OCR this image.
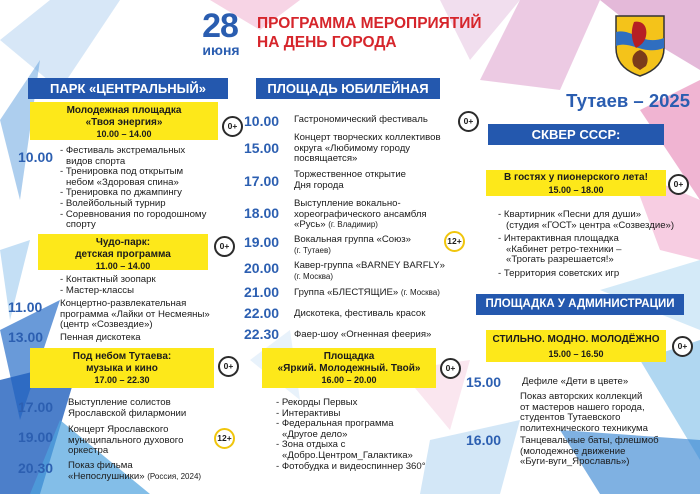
28
июня
ПРОГРАММА МЕРОПРИЯТИЙ
НА ДЕНЬ ГОРОДА
Тутаев – 2025
ПАРК «ЦЕНТРАЛЬНЫЙ»
Молодежная площадка
«Твоя энергия»
10.00 – 14.00
0+
10.00 - Фестиваль экстремальных
видов спорта
- Тренировка под открытым
небом «Здоровая спина»
- Тренировка по джампингу
- Волейбольный турнир
- Соревнования по городошному
спорту
Чудо-парк:
детская программа
11.00 – 14.00
0+
- Контактный зоопарк
- Мастер-классы
11.00 Концертно-развлекательная
программа «Лайки от Несмеяны»
(центр «Созвездие»)
13.00 Пенная дискотека
Под небом Тутаева:
музыка и кино
17.00 – 22.30
0+
17.00 Выступление солистов
Ярославской филармонии
19.00 Концерт Ярославского
муниципального духового
оркестра
12+
20.30 Показ фильма
«Непослушники» (Россия, 2024)
ПЛОЩАДЬ ЮБИЛЕЙНАЯ
10.00 Гастрономический фестиваль	0+
15.00
Концерт творческих коллективов
округа «Любимому городу
посвящается»
17.00 Торжественное открытие
Дня города
18.00
Выступление вокально-
хореографического ансамбля
«Русь» (г. Владимир)
19.00 Вокальная группа «Союз»
(г. Тутаев)
12+
20.00 Кавер-группа «BARNEY BARFLY»
(г. Москва)
21.00 Группа «БЛЕСТЯЩИЕ» (г. Москва)
22.00 Дискотека, фестиваль красок
22.30 Фаер-шоу «Огненная феерия»
Площадка
«Яркий. Молодежный. Твой»
16.00 – 20.00
0+
- Рекорды Первых
- Интерактивы
- Федеральная программа
«Другое дело»
- Зона отдыха с
«Добро.Центром_Галактика»
- Фотобудка и видеоспиннер 360°
СКВЕР СССР:
В гостях у пионерского лета!
15.00 – 18.00
0+
- Квартирник «Песни для души»
(студия «ГОСТ» центра «Созвездие»)
- Интерактивная площадка
«Кабинет ретро-техники –
«Трогать разрешается!»
- Территория советских игр
ПЛОЩАДКА У АДМИНИСТРАЦИИ
СТИЛЬНО. МОДНО. МОЛОДЁЖНО
15.00 – 16.50
0+
15.00 Дефиле «Дети в цвете»
Показ авторских коллекций
от мастеров нашего города,
студентов Тутаевского
политехнического техникума
16.00 Танцевальные баты, флешмоб
(молодежное движение
«Буги-вуги_Ярославль»)
